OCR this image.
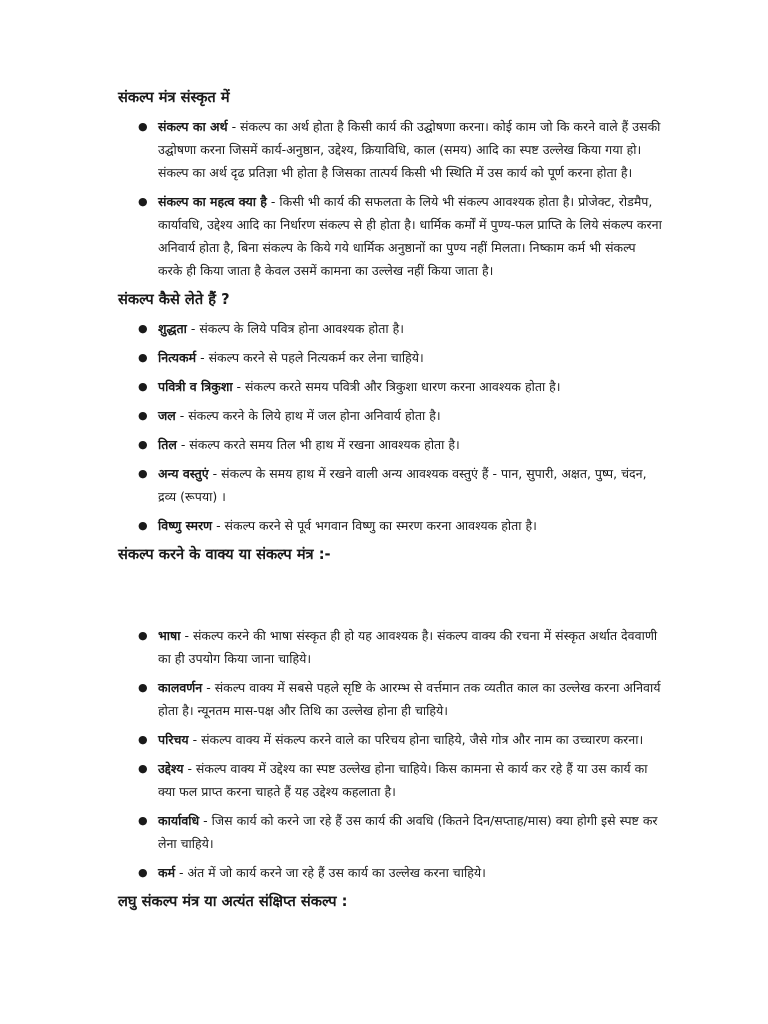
संकल्प मंत्र संस्कृत में
● संकल्प का अर्थ - संकल्प का अर्थ होता है किसी कार्य की उद्घोषणा करना। कोई काम जो कि करने वाले हैं उसकी उद्घोषणा करना जिसमें कार्य-अनुष्ठान, उद्देश्य, क्रियाविधि, काल (समय) आदि का स्पष्ट उल्लेख किया गया हो। संकल्प का अर्थ दृढ प्रतिज्ञा भी होता है जिसका तात्पर्य किसी भी स्थिति में उस कार्य को पूर्ण करना होता है।
● संकल्प का महत्व क्या है - किसी भी कार्य की सफलता के लिये भी संकल्प आवश्यक होता है। प्रोजेक्ट, रोडमैप, कार्यावधि, उद्देश्य आदि का निर्धारण संकल्प से ही होता है। धार्मिक कर्मों में पुण्य-फल प्राप्ति के लिये संकल्प करना अनिवार्य होता है, बिना संकल्प के किये गये धार्मिक अनुष्ठानों का पुण्य नहीं मिलता। निष्काम कर्म भी संकल्प करके ही किया जाता है केवल उसमें कामना का उल्लेख नहीं किया जाता है।
संकल्प कैसे लेते हैं ?
● शुद्धता - संकल्प के लिये पवित्र होना आवश्यक होता है।
● नित्यकर्म - संकल्प करने से पहले नित्यकर्म कर लेना चाहिये।
● पवित्री व त्रिकुशा - संकल्प करते समय पवित्री और त्रिकुशा धारण करना आवश्यक होता है।
● जल - संकल्प करने के लिये हाथ में जल होना अनिवार्य होता है।
● तिल - संकल्प करते समय तिल भी हाथ में रखना आवश्यक होता है।
● अन्य वस्तुएं - संकल्प के समय हाथ में रखने वाली अन्य आवश्यक वस्तुएं हैं - पान, सुपारी, अक्षत, पुष्प, चंदन, द्रव्य (रूपया) ।
● विष्णु स्मरण - संकल्प करने से पूर्व भगवान विष्णु का स्मरण करना आवश्यक होता है।
संकल्प करने के वाक्य या संकल्प मंत्र :-
● भाषा - संकल्प करने की भाषा संस्कृत ही हो यह आवश्यक है। संकल्प वाक्य की रचना में संस्कृत अर्थात देववाणी का ही उपयोग किया जाना चाहिये।
● कालवर्णन - संकल्प वाक्य में सबसे पहले सृष्टि के आरम्भ से वर्त्तमान तक व्यतीत काल का उल्लेख करना अनिवार्य होता है। न्यूनतम मास-पक्ष और तिथि का उल्लेख होना ही चाहिये।
● परिचय - संकल्प वाक्य में संकल्प करने वाले का परिचय होना चाहिये, जैसे गोत्र और नाम का उच्चारण करना।
● उद्देश्य - संकल्प वाक्य में उद्देश्य का स्पष्ट उल्लेख होना चाहिये। किस कामना से कार्य कर रहे हैं या उस कार्य का क्या फल प्राप्त करना चाहते हैं यह उद्देश्य कहलाता है।
● कार्यावधि - जिस कार्य को करने जा रहे हैं उस कार्य की अवधि (कितने दिन/सप्ताह/मास) क्या होगी इसे स्पष्ट कर लेना चाहिये।
● कर्म - अंत में जो कार्य करने जा रहे हैं उस कार्य का उल्लेख करना चाहिये।
लघु संकल्प मंत्र या अत्यंत संक्षिप्त संकल्प :
